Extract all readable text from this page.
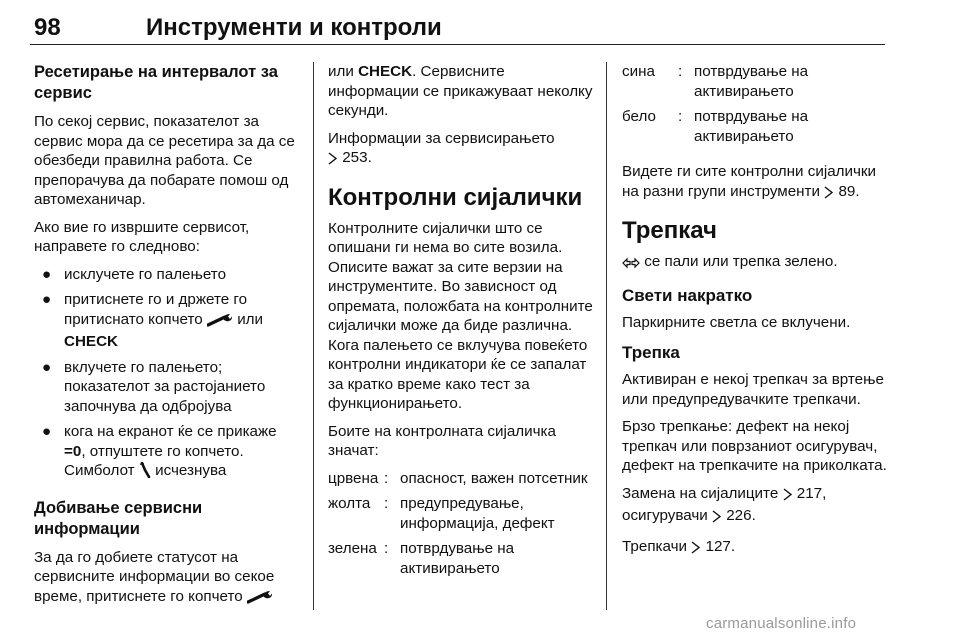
98	Инструменти и контроли
Ресетирање на интервалот за сервис

По секој сервис, показателот за сервис мора да се ресетира за да се обезбеди правилна работа. Се препорачува да побарате помош од автомеханичар.

Ако вие го извршите сервисот, направете го следново:

● исклучете го палењето
● притиснете го и држете го притиснато копчето или CHECK
● вклучете го палењето; показателот за растојанието започнува да одбројува
● кога на екранот ќе се прикаже =0, отпуштете го копчето. Симболот исчезнува
Добивање сервисни информации

За да го добиете статусот на сервисните информации во секое време, притиснете го копчето

или CHECK. Сервисните информации се прикажуваат неколку секунди.

Информации за сервисирањето
253.

Контролни сијалички

Контролните сијалички што се опишани ги нема во сите возила. Описите важат за сите верзии на инструментите. Во зависност од опремата, положбата на контролните сијалички може да биде различна. Кога палењето се вклучува повеќето контролни индикатори ќе се запалат за кратко време како тест за функционирањето.

Боите на контролната сијаличка значат:

црвена	:	опасност, важен потсетник
жолта	:	предупредување, информација, дефект
зелена	:	потврдување на активирањето
сина	:	потврдување на активирањето
бело	:	потврдување на активирањето

Видете ги сите контролни сијалички на разни групи инструменти 89.

Трепкач

се пали или трепка зелено.

Свети накратко

Паркирните светла се вклучени.

Трепка

Активиран е некој трепкач за вртење или предупредувачките трепкачи.

Брзо трепкање: дефект на некој трепкач или поврзаниот осигурувач, дефект на трепкачите на приколката.

Замена на сијалиците 217,
осигурувачи 226.

Трепкачи 127.

carmanualsonline.info
